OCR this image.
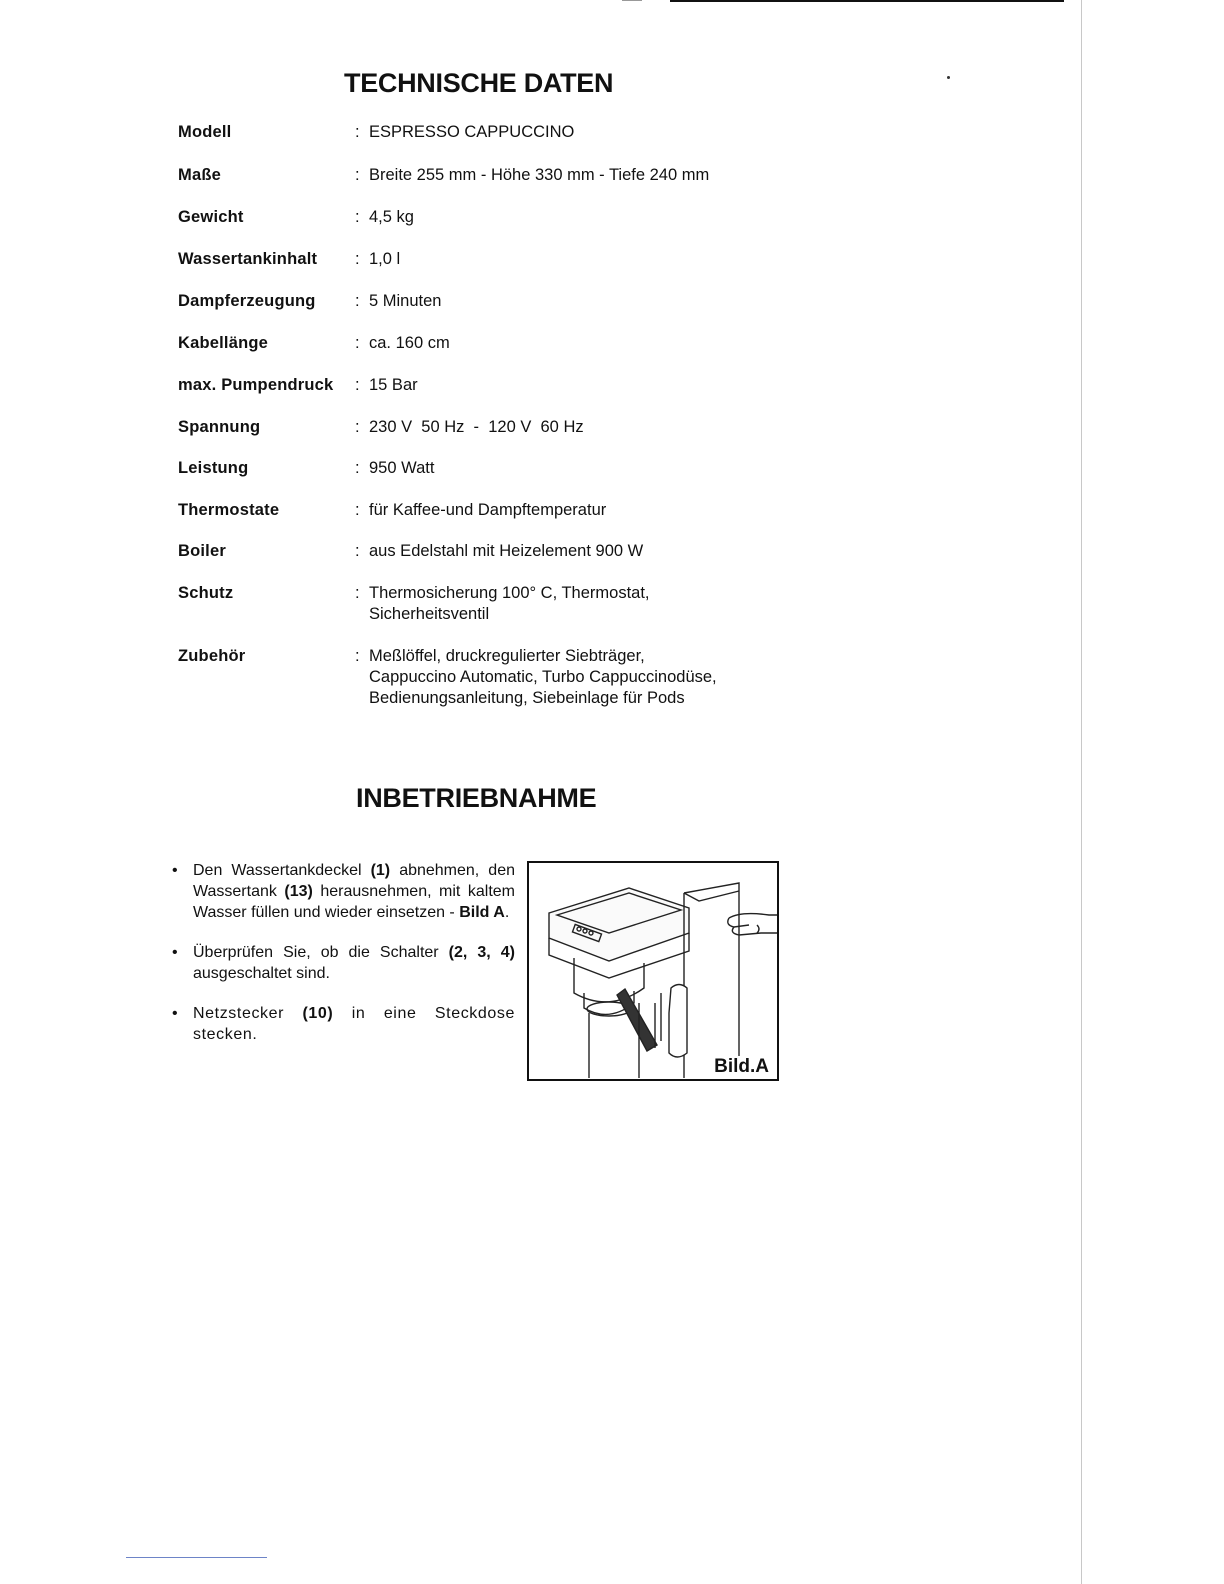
TECHNISCHE DATEN
Modell	: ESPRESSO CAPPUCCINO
Maße	: Breite 255 mm - Höhe 330 mm - Tiefe 240 mm
Gewicht	: 4,5 kg
Wassertankinhalt : 1,0 l
Dampferzeugung : 5 Minuten
Kabellänge	: ca. 160 cm
max. Pumpendruck : 15 Bar
Spannung	: 230 V  50 Hz  -  120 V  60 Hz
Leistung	: 950 Watt
Thermostate	: für Kaffee-und Dampftemperatur
Boiler	: aus Edelstahl mit Heizelement 900 W
Schutz	: Thermosicherung 100° C, Thermostat,
Sicherheitsventil
Zubehör	: Meßlöffel, druckregulierter Siebträger,
Cappuccino Automatic, Turbo Cappuccinodüse,
Bedienungsanleitung, Siebeinlage für Pods
INBETRIEBNAHME
• Den Wassertankdeckel (1) abnehmen, den Wassertank (13) herausnehmen, mit kaltem Wasser füllen und wieder einsetzen - Bild A.
• Überprüfen Sie, ob die Schalter (2, 3, 4) ausgeschaltet sind.
• Netzstecker (10) in eine Steckdose stecken.
Bild.A
